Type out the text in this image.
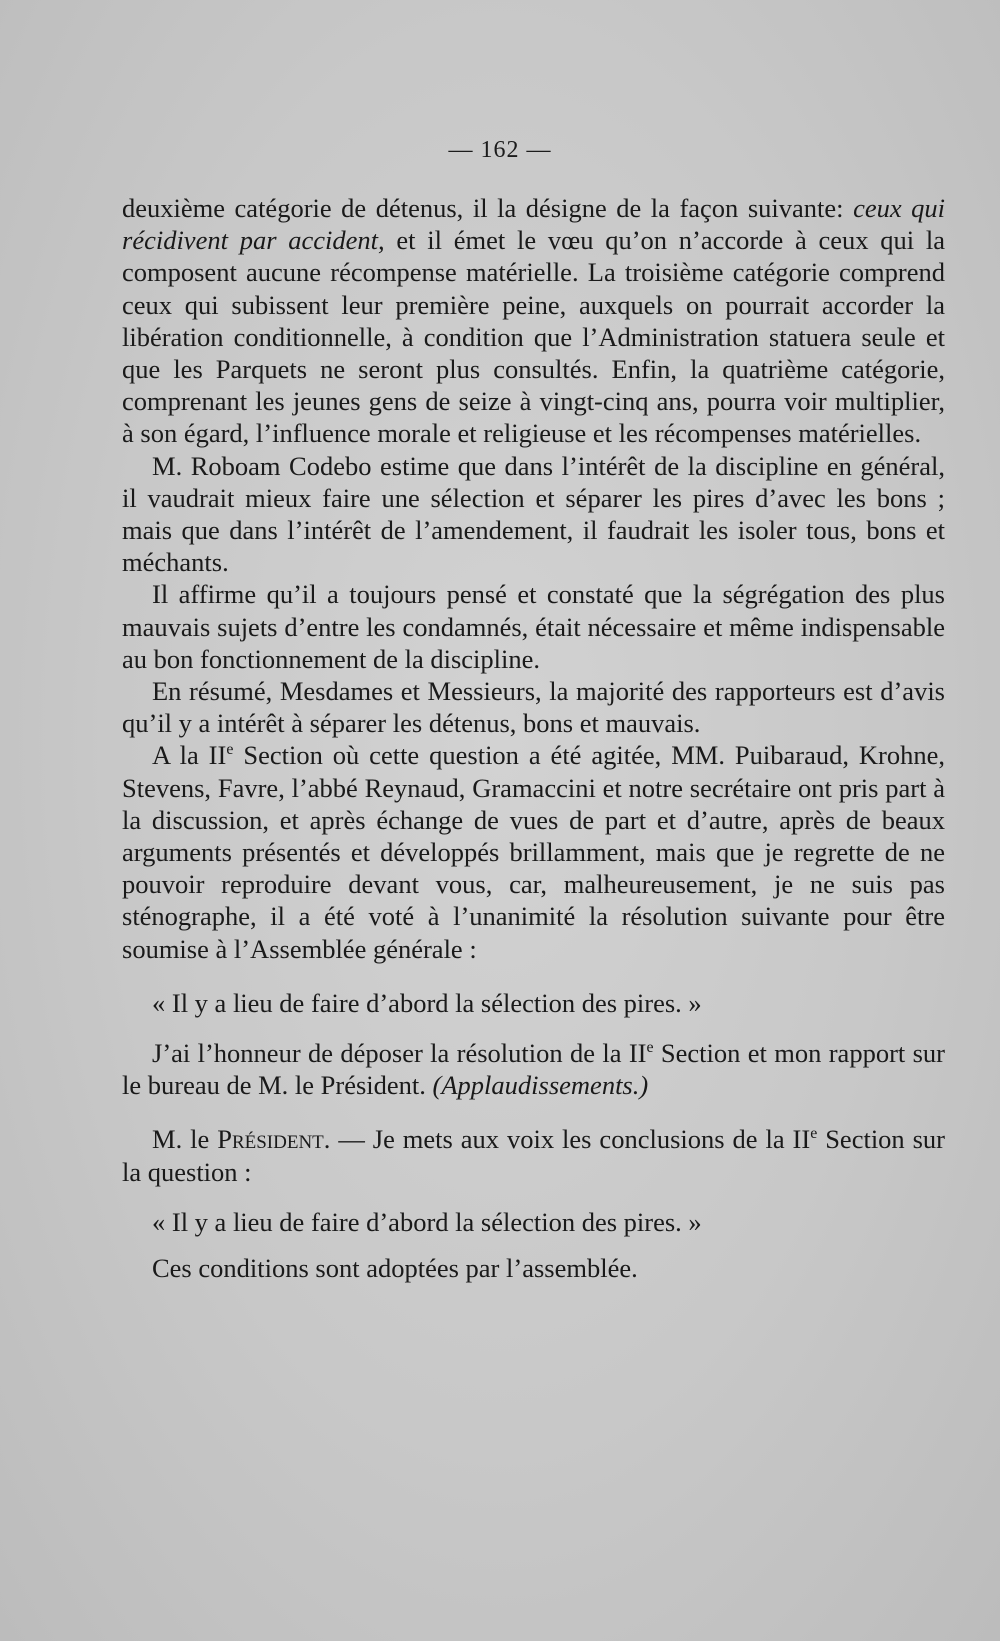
— 162 —

deuxième catégorie de détenus, il la désigne de la façon suivante: ceux qui récidivent par accident, et il émet le vœu qu’on n’accorde à ceux qui la composent aucune récompense matérielle. La troisième catégorie comprend ceux qui subissent leur première peine, auxquels on pourrait accorder la libération conditionnelle, à condition que l’Administration statuera seule et que les Parquets ne seront plus consultés. Enfin, la quatrième catégorie, comprenant les jeunes gens de seize à vingt-cinq ans, pourra voir multiplier, à son égard, l’influence morale et religieuse et les récompenses matérielles.

M. Roboam Codebo estime que dans l’intérêt de la discipline en général, il vaudrait mieux faire une sélection et séparer les pires d’avec les bons ; mais que dans l’intérêt de l’amendement, il faudrait les isoler tous, bons et méchants.

Il affirme qu’il a toujours pensé et constaté que la ségrégation des plus mauvais sujets d’entre les condamnés, était nécessaire et même indispensable au bon fonctionnement de la discipline.

En résumé, Mesdames et Messieurs, la majorité des rapporteurs est d’avis qu’il y a intérêt à séparer les détenus, bons et mauvais.

A la IIe Section où cette question a été agitée, MM. Puibaraud, Krohne, Stevens, Favre, l’abbé Reynaud, Gramaccini et notre secrétaire ont pris part à la discussion, et après échange de vues de part et d’autre, après de beaux arguments présentés et développés brillamment, mais que je regrette de ne pouvoir reproduire devant vous, car, malheureusement, je ne suis pas sténographe, il a été voté à l’unanimité la résolution suivante pour être soumise à l’Assemblée générale :

« Il y a lieu de faire d’abord la sélection des pires. »

J’ai l’honneur de déposer la résolution de la IIe Section et mon rapport sur le bureau de M. le Président. (Applaudissements.)

M. le Président. — Je mets aux voix les conclusions de la IIe Section sur la question :

« Il y a lieu de faire d’abord la sélection des pires. »

Ces conditions sont adoptées par l’assemblée.
